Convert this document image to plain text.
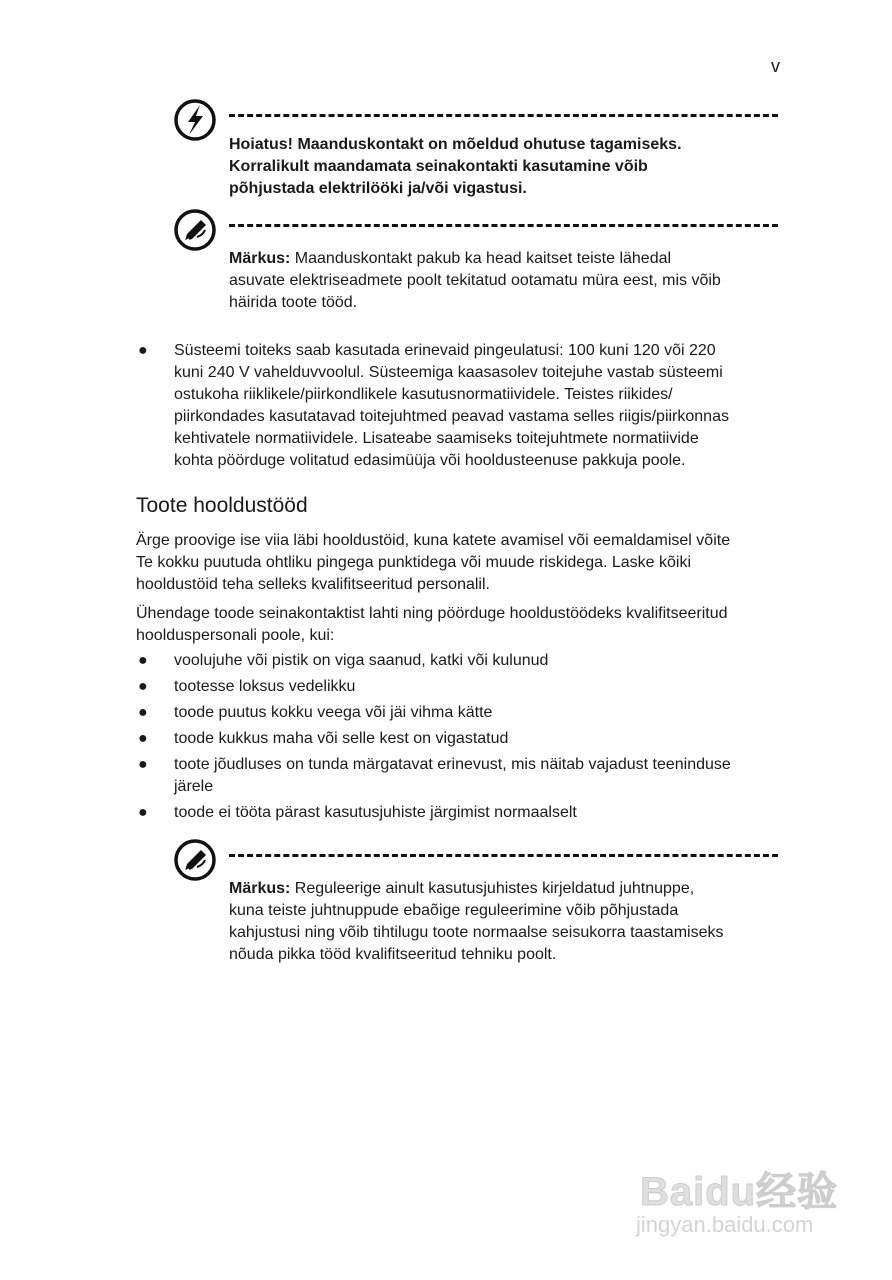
v
Hoiatus! Maanduskontakt on mõeldud ohutuse tagamiseks.
Korralikult maandamata seinakontakti kasutamine võib
põhjustada elektrilööki ja/või vigastusi.
Märkus: Maanduskontakt pakub ka head kaitset teiste lähedal
asuvate elektriseadmete poolt tekitatud ootamatu müra eest, mis võib
häirida toote tööd.
● Süsteemi toiteks saab kasutada erinevaid pingeulatusi: 100 kuni 120 või 220
kuni 240 V vahelduvvoolul. Süsteemiga kaasasolev toitejuhe vastab süsteemi
ostukoha riiklikele/piirkondlikele kasutusnormatiividele. Teistes riikides/
piirkondades kasutatavad toitejuhtmed peavad vastama selles riigis/piirkonnas
kehtivatele normatiividele. Lisateabe saamiseks toitejuhtmete normatiivide
kohta pöörduge volitatud edasimüüja või hooldusteenuse pakkuja poole.
Toote hooldustööd
Ärge proovige ise viia läbi hooldustöid, kuna katete avamisel või eemaldamisel võite
Te kokku puutuda ohtliku pingega punktidega või muude riskidega. Laske kõiki
hooldustöid teha selleks kvalifitseeritud personalil.
Ühendage toode seinakontaktist lahti ning pöörduge hooldustöödeks kvalifitseeritud
hoolduspersonali poole, kui:
● voolujuhe või pistik on viga saanud, katki või kulunud
● tootesse loksus vedelikku
● toode puutus kokku veega või jäi vihma kätte
● toode kukkus maha või selle kest on vigastatud
● toote jõudluses on tunda märgatavat erinevust, mis näitab vajadust teeninduse
järele
● toode ei tööta pärast kasutusjuhiste järgimist normaalselt
Märkus: Reguleerige ainult kasutusjuhistes kirjeldatud juhtnuppe,
kuna teiste juhtnuppude ebaõige reguleerimine võib põhjustada
kahjustusi ning võib tihtilugu toote normaalse seisukorra taastamiseks
nõuda pikka tööd kvalifitseeritud tehniku poolt.
Baidu经验
jingyan.baidu.com
